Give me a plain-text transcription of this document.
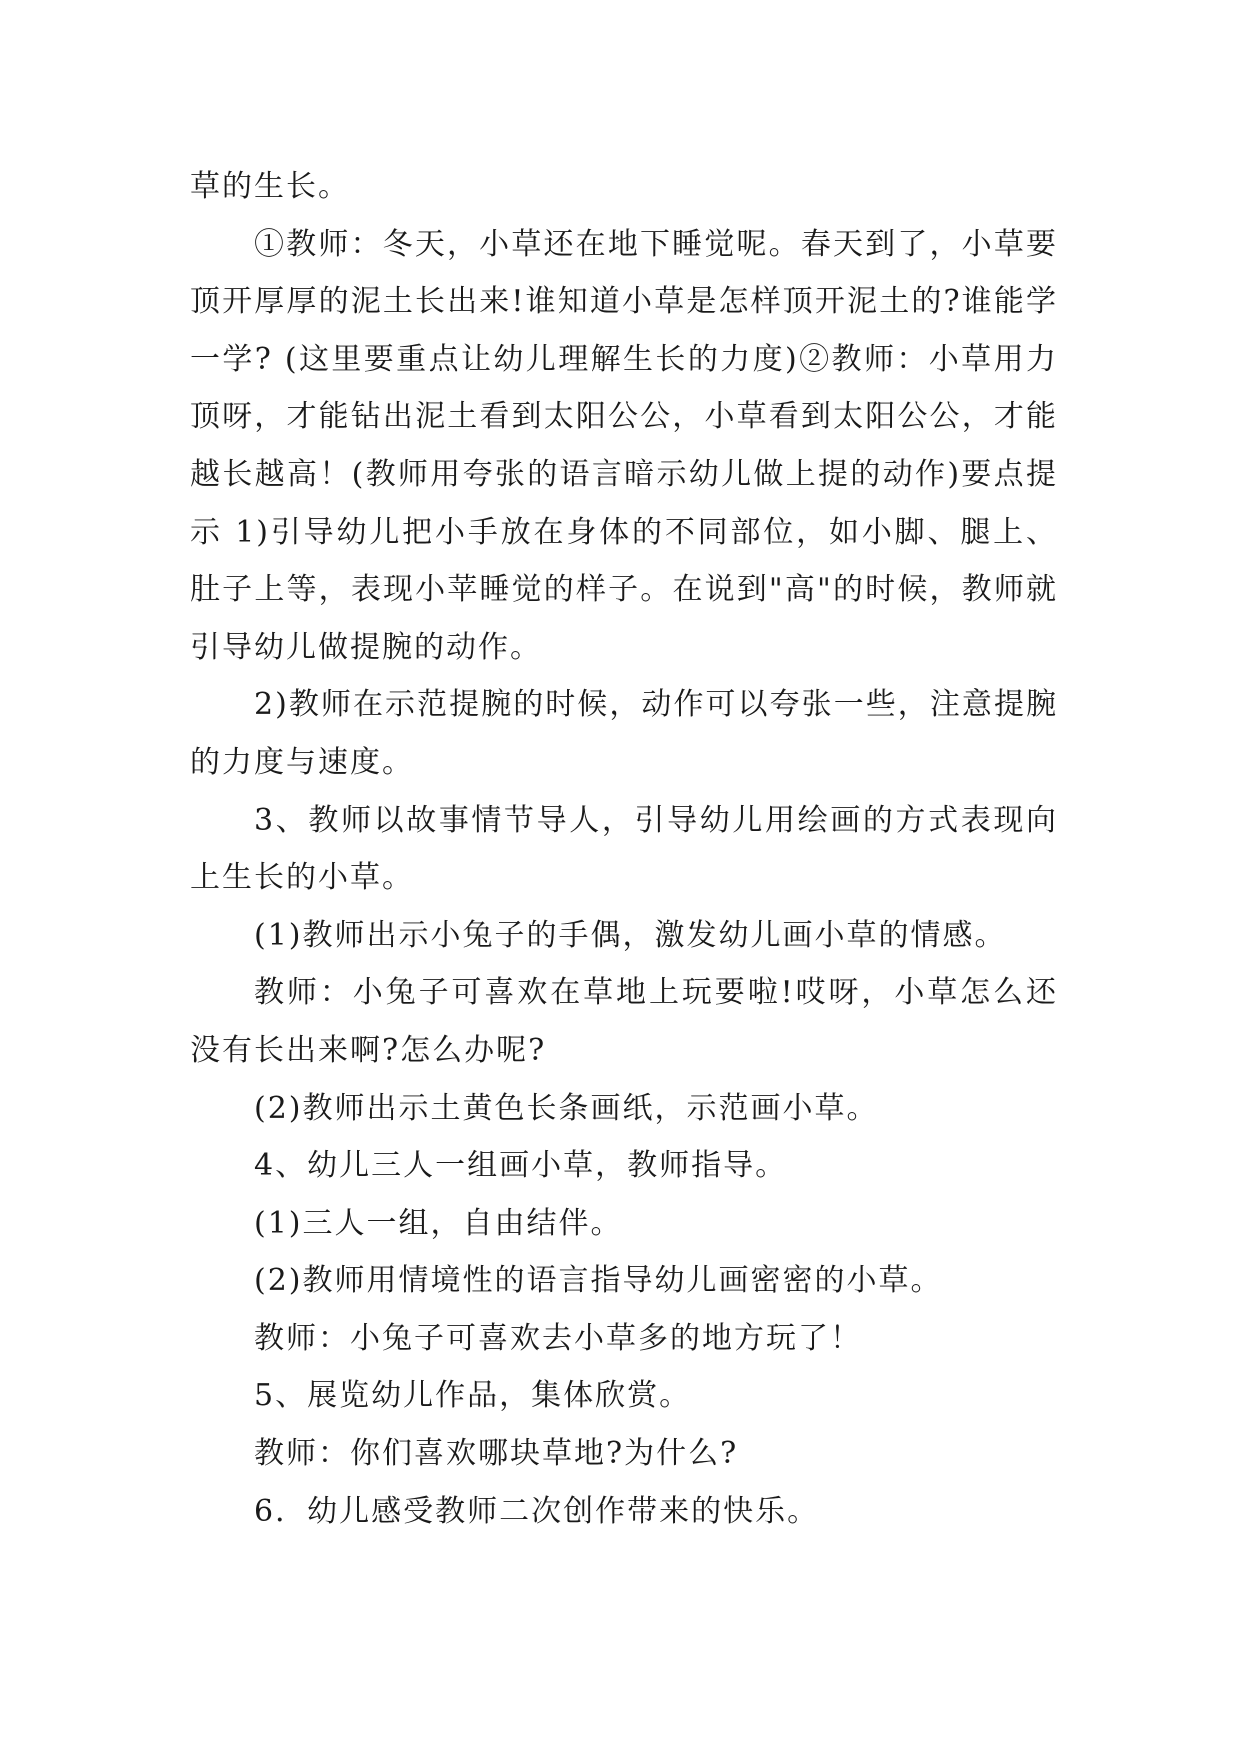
草的生长。

①教师：冬天，小草还在地下睡觉呢。春天到了，小草要顶开厚厚的泥土长出来!谁知道小草是怎样顶开泥土的?谁能学一学? (这里要重点让幼儿理解生长的力度)②教师：小草用力顶呀，才能钻出泥土看到太阳公公，小草看到太阳公公，才能越长越高！(教师用夸张的语言暗示幼儿做上提的动作)要点提示 1)引导幼儿把小手放在身体的不同部位，如小脚、腿上、肚子上等，表现小苹睡觉的样子。在说到"高"的时候，教师就引导幼儿做提腕的动作。

2)教师在示范提腕的时候，动作可以夸张一些，注意提腕的力度与速度。

3、教师以故事情节导人，引导幼儿用绘画的方式表现向上生长的小草。

(1)教师出示小兔子的手偶，激发幼儿画小草的情感。

教师：小兔子可喜欢在草地上玩要啦!哎呀，小草怎么还没有长出来啊?怎么办呢?

(2)教师出示土黄色长条画纸，示范画小草。

4、幼儿三人一组画小草，教师指导。

(1)三人一组，自由结伴。

(2)教师用情境性的语言指导幼儿画密密的小草。

教师：小兔子可喜欢去小草多的地方玩了！

5、展览幼儿作品，集体欣赏。

教师：你们喜欢哪块草地?为什么?

6．幼儿感受教师二次创作带来的快乐。
